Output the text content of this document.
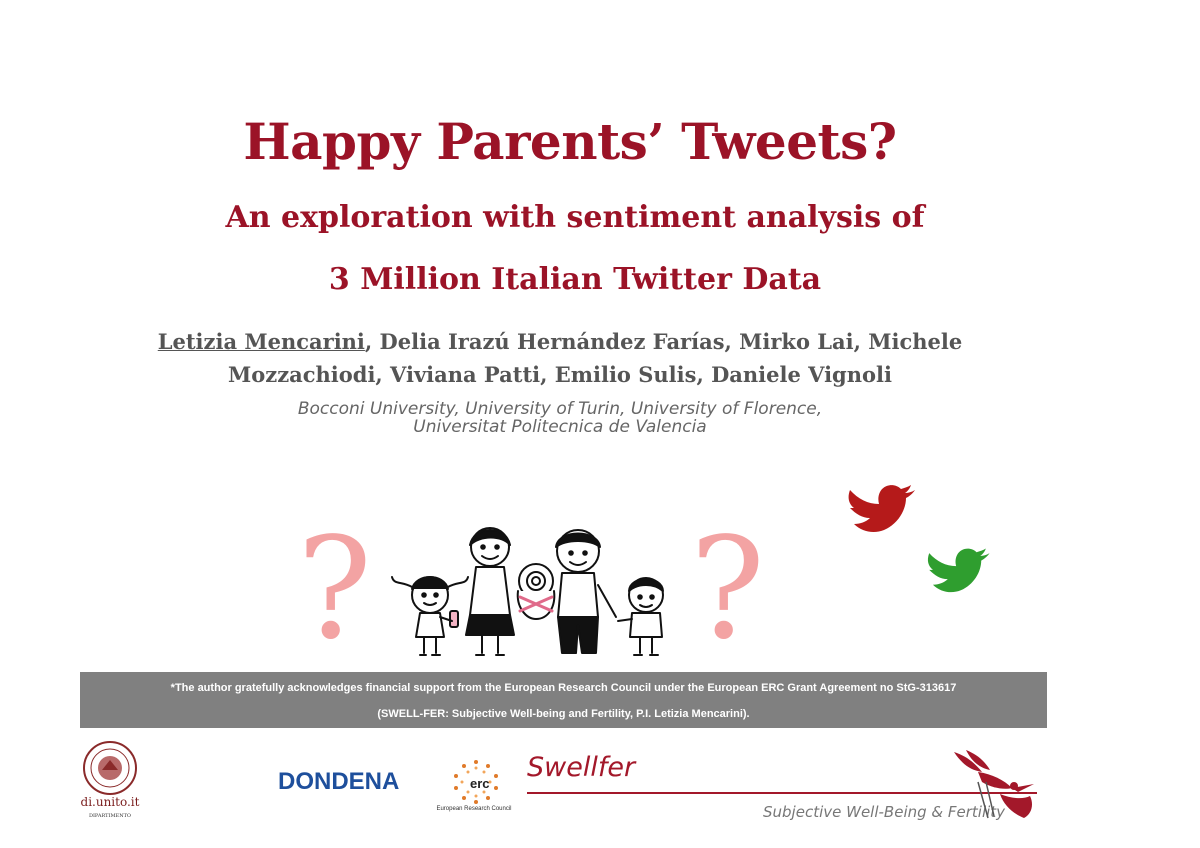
Happy Parents’ Tweets?
An exploration with sentiment analysis of
3 Million Italian Twitter Data
Letizia Mencarini, Delia Irazú Hernández Farías, Mirko Lai, Michele
Mozzachiodi, Viviana Patti, Emilio Sulis, Daniele Vignoli
Bocconi University, University of Turin, University of Florence,
Universitat Politecnica de Valencia
? ?
*The author gratefully acknowledges financial support from the European Research Council under the European ERC Grant Agreement no StG-313617
(SWELL-FER: Subjective Well-being and Fertility, P.I. Letizia Mencarini).
di.unito.it
DIPARTIMENTO
DONDENA	erc
European Research Council
Swellfer
Subjective Well-Being & Fertility
